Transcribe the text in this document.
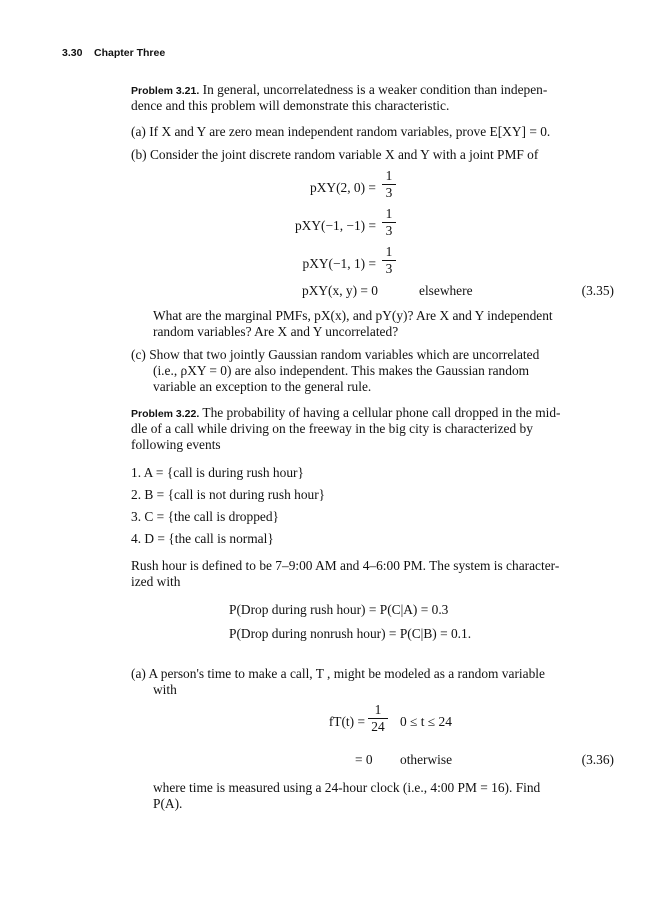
3.30 Chapter Three
Problem 3.21. In general, uncorrelatedness is a weaker condition than indepen-
dence and this problem will demonstrate this characteristic.
(a) If X and Y are zero mean independent random variables, prove E[XY] = 0.
(b) Consider the joint discrete random variable X and Y with a joint PMF of
pXY(2, 0) =
1
3
pXY(−1, −1) =
1
3
pXY(−1, 1) =
1
3
pXY(x, y) = 0	elsewhere	(3.35)
What are the marginal PMFs, pX(x), and pY(y)? Are X and Y independent
random variables? Are X and Y uncorrelated?
(c) Show that two jointly Gaussian random variables which are uncorrelated
(i.e., ρXY = 0) are also independent. This makes the Gaussian random
variable an exception to the general rule.
Problem 3.22. The probability of having a cellular phone call dropped in the mid-
dle of a call while driving on the freeway in the big city is characterized by
following events
1. A = {call is during rush hour}
2. B = {call is not during rush hour}
3. C = {the call is dropped}
4. D = {the call is normal}
Rush hour is defined to be 7–9:00 AM and 4–6:00 PM. The system is character-
ized with
P(Drop during rush hour) = P(C|A) = 0.3
P(Drop during nonrush hour) = P(C|B) = 0.1.
(a) A person's time to make a call, T , might be modeled as a random variable
with
fT(t) =
1
24 0 ≤ t ≤ 24
= 0 otherwise	(3.36)
where time is measured using a 24-hour clock (i.e., 4:00 PM = 16). Find
P(A).
